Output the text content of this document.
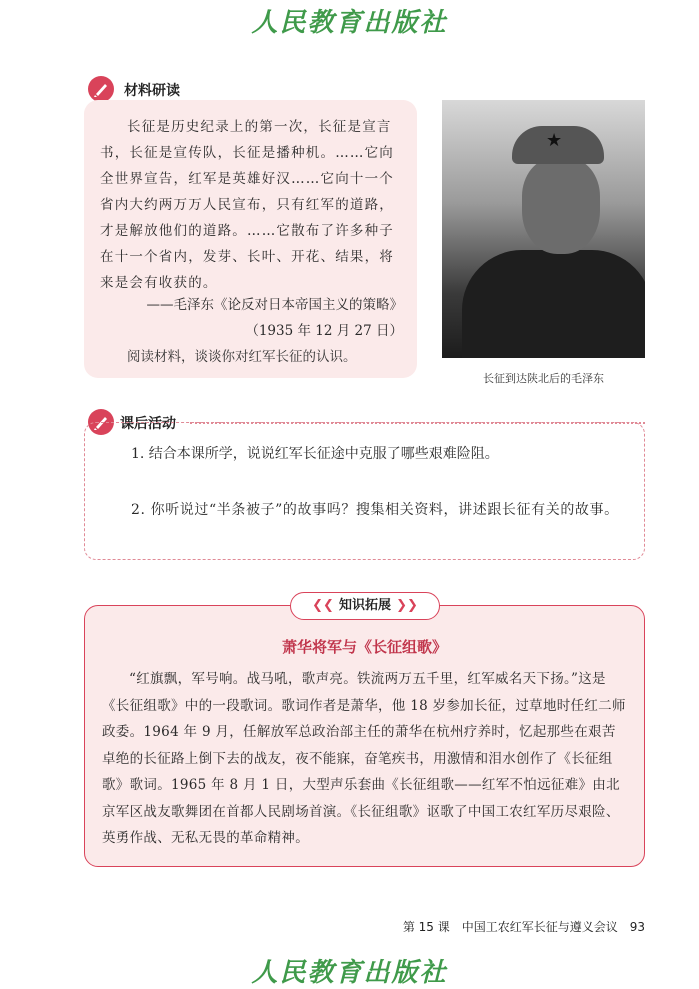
人民教育出版社
材料研读

长征是历史纪录上的第一次，长征是宣言书，长征是宣传队，长征是播种机。……它向全世界宣告，红军是英雄好汉……它向十一个省内大约两万万人民宣布，只有红军的道路，才是解放他们的道路。……它散布了许多种子在十一个省内，发芽、长叶、开花、结果，将来是会有收获的。

——毛泽东《论反对日本帝国主义的策略》

（1935 年 12 月 27 日）

阅读材料，谈谈你对红军长征的认识。

★
长征到达陕北后的毛泽东
课后活动

1. 结合本课所学，说说红军长征途中克服了哪些艰难险阻。

2. 你听说过“半条被子”的故事吗？搜集相关资料，讲述跟长征有关的故事。

❮❮ 知识拓展 ❯❯
萧华将军与《长征组歌》

“红旗飘，军号响。战马吼，歌声亮。铁流两万五千里，红军威名天下扬。”这是《长征组歌》中的一段歌词。歌词作者是萧华，他 18 岁参加长征，过草地时任红二师政委。1964 年 9 月，任解放军总政治部主任的萧华在杭州疗养时，忆起那些在艰苦卓绝的长征路上倒下去的战友，夜不能寐，奋笔疾书，用激情和泪水创作了《长征组歌》歌词。1965 年 8 月 1 日，大型声乐套曲《长征组歌——红军不怕远征难》由北京军区战友歌舞团在首都人民剧场首演。《长征组歌》讴歌了中国工农红军历尽艰险、英勇作战、无私无畏的革命精神。

第 15 课　中国工农红军长征与遵义会议　93
人民教育出版社
